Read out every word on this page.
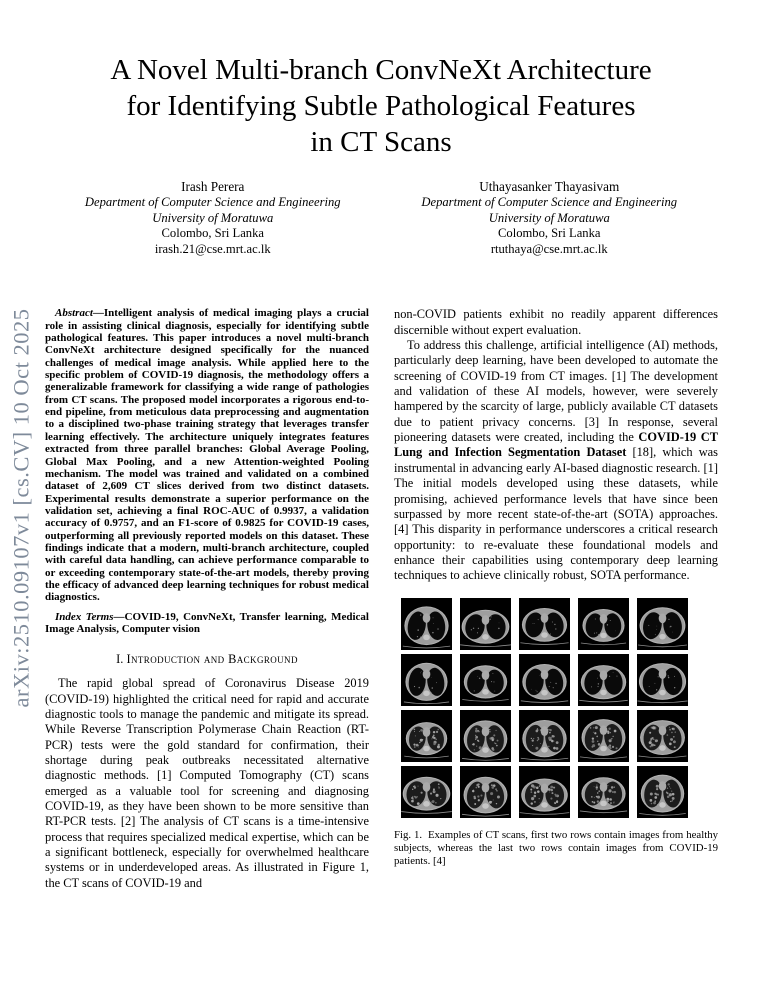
arXiv:2510.09107v1 [cs.CV] 10 Oct 2025
A Novel Multi-branch ConvNeXt Architecture
for Identifying Subtle Pathological Features
in CT Scans
Irash Perera
Department of Computer Science and Engineering
University of Moratuwa
Colombo, Sri Lanka
irash.21@cse.mrt.ac.lk
Uthayasanker Thayasivam
Department of Computer Science and Engineering
University of Moratuwa
Colombo, Sri Lanka
rtuthaya@cse.mrt.ac.lk

Abstract—Intelligent analysis of medical imaging plays a crucial role in assisting clinical diagnosis, especially for identifying subtle pathological features. This paper introduces a novel multi-branch ConvNeXt architecture designed specifically for the nuanced challenges of medical image analysis. While applied here to the specific problem of COVID-19 diagnosis, the methodology offers a generalizable framework for classifying a wide range of pathologies from CT scans. The proposed model incorporates a rigorous end-to-end pipeline, from meticulous data preprocessing and augmentation to a disciplined two-phase training strategy that leverages transfer learning effectively. The architecture uniquely integrates features extracted from three parallel branches: Global Average Pooling, Global Max Pooling, and a new Attention-weighted Pooling mechanism. The model was trained and validated on a combined dataset of 2,609 CT slices derived from two distinct datasets. Experimental results demonstrate a superior performance on the validation set, achieving a final ROC-AUC of 0.9937, a validation accuracy of 0.9757, and an F1-score of 0.9825 for COVID-19 cases, outperforming all previously reported models on this dataset. These findings indicate that a modern, multi-branch architecture, coupled with careful data handling, can achieve performance comparable to or exceeding contemporary state-of-the-art models, thereby proving the efficacy of advanced deep learning techniques for robust medical diagnostics.

Index Terms—COVID-19, ConvNeXt, Transfer learning, Medical Image Analysis, Computer vision

I. Introduction and Background

The rapid global spread of Coronavirus Disease 2019 (COVID-19) highlighted the critical need for rapid and accurate diagnostic tools to manage the pandemic and mitigate its spread. While Reverse Transcription Polymerase Chain Reaction (RT-PCR) tests were the gold standard for confirmation, their shortage during peak outbreaks necessitated alternative diagnostic methods. [1] Computed Tomography (CT) scans emerged as a valuable tool for screening and diagnosing COVID-19, as they have been shown to be more sensitive than RT-PCR tests. [2] The analysis of CT scans is a time-intensive process that requires specialized medical expertise, which can be a significant bottleneck, especially for overwhelmed healthcare systems or in underdeveloped areas. As illustrated in Figure 1, the CT scans of COVID-19 and

non-COVID patients exhibit no readily apparent differences discernible without expert evaluation.

To address this challenge, artificial intelligence (AI) methods, particularly deep learning, have been developed to automate the screening of COVID-19 from CT images. [1] The development and validation of these AI models, however, were severely hampered by the scarcity of large, publicly available CT datasets due to patient privacy concerns. [3] In response, several pioneering datasets were created, including the COVID-19 CT Lung and Infection Segmentation Dataset [18], which was instrumental in advancing early AI-based diagnostic research. [1] The initial models developed using these datasets, while promising, achieved performance levels that have since been surpassed by more recent state-of-the-art (SOTA) approaches. [4] This disparity in performance underscores a critical research opportunity: to re-evaluate these foundational models and enhance their capabilities using contemporary deep learning techniques to achieve clinically robust, SOTA performance.

Fig. 1. Examples of CT scans, first two rows contain images from healthy subjects, whereas the last two rows contain images from COVID-19 patients. [4]
